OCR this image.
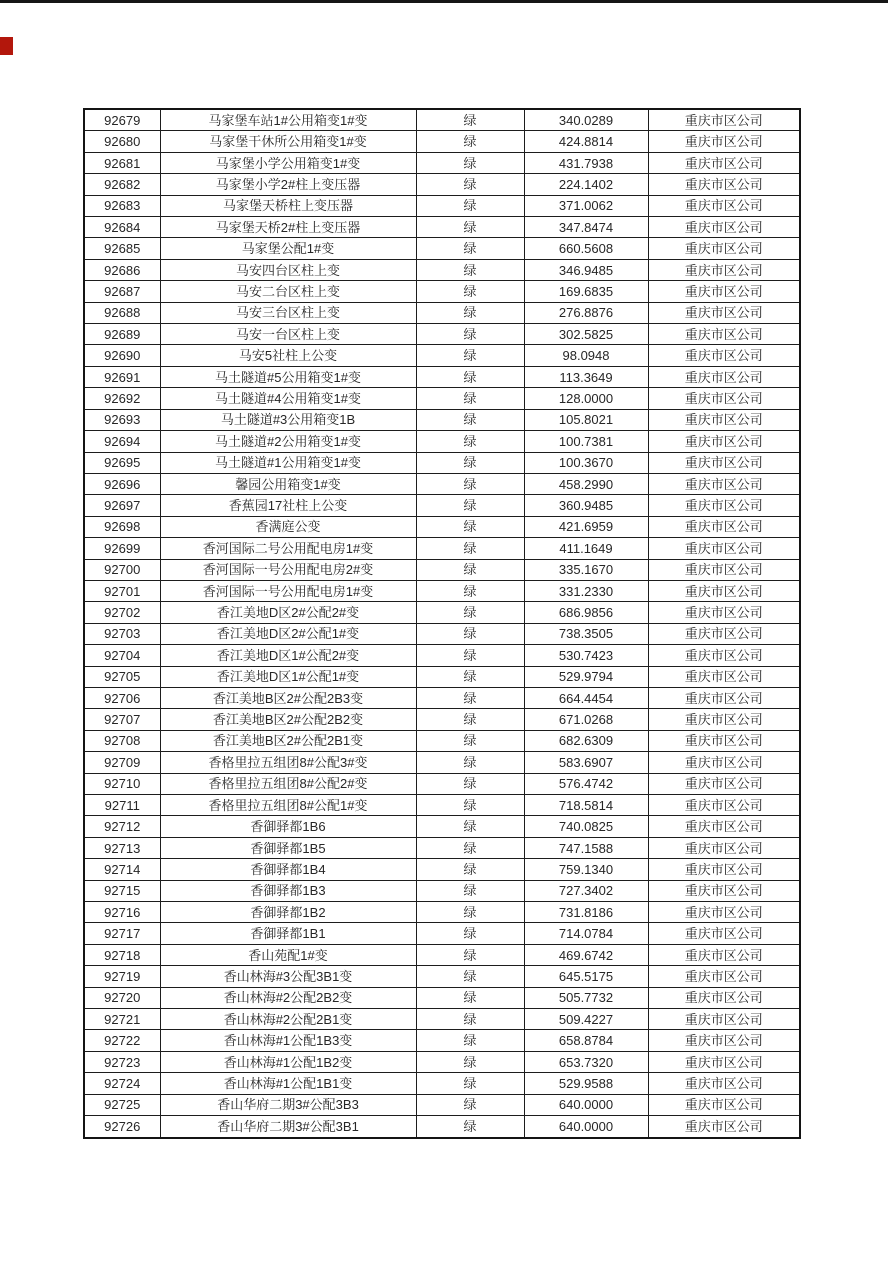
92679	马家堡车站1#公用箱变1#变	绿	340.0289	重庆市区公司
92680	马家堡干休所公用箱变1#变	绿	424.8814	重庆市区公司
92681	马家堡小学公用箱变1#变	绿	431.7938	重庆市区公司
92682	马家堡小学2#柱上变压器	绿	224.1402	重庆市区公司
92683	马家堡天桥柱上变压器	绿	371.0062	重庆市区公司
92684	马家堡天桥2#柱上变压器	绿	347.8474	重庆市区公司
92685	马家堡公配1#变	绿	660.5608	重庆市区公司
92686	马安四台区柱上变	绿	346.9485	重庆市区公司
92687	马安二台区柱上变	绿	169.6835	重庆市区公司
92688	马安三台区柱上变	绿	276.8876	重庆市区公司
92689	马安一台区柱上变	绿	302.5825	重庆市区公司
92690	马安5社柱上公变	绿	98.0948	重庆市区公司
92691	马土隧道#5公用箱变1#变	绿	113.3649	重庆市区公司
92692	马土隧道#4公用箱变1#变	绿	128.0000	重庆市区公司
92693	马土隧道#3公用箱变1B	绿	105.8021	重庆市区公司
92694	马土隧道#2公用箱变1#变	绿	100.7381	重庆市区公司
92695	马土隧道#1公用箱变1#变	绿	100.3670	重庆市区公司
92696	馨园公用箱变1#变	绿	458.2990	重庆市区公司
92697	香蕉园17社柱上公变	绿	360.9485	重庆市区公司
92698	香满庭公变	绿	421.6959	重庆市区公司
92699	香河国际二号公用配电房1#变	绿	411.1649	重庆市区公司
92700	香河国际一号公用配电房2#变	绿	335.1670	重庆市区公司
92701	香河国际一号公用配电房1#变	绿	331.2330	重庆市区公司
92702	香江美地D区2#公配2#变	绿	686.9856	重庆市区公司
92703	香江美地D区2#公配1#变	绿	738.3505	重庆市区公司
92704	香江美地D区1#公配2#变	绿	530.7423	重庆市区公司
92705	香江美地D区1#公配1#变	绿	529.9794	重庆市区公司
92706	香江美地B区2#公配2B3变	绿	664.4454	重庆市区公司
92707	香江美地B区2#公配2B2变	绿	671.0268	重庆市区公司
92708	香江美地B区2#公配2B1变	绿	682.6309	重庆市区公司
92709	香格里拉五组团8#公配3#变	绿	583.6907	重庆市区公司
92710	香格里拉五组团8#公配2#变	绿	576.4742	重庆市区公司
92711	香格里拉五组团8#公配1#变	绿	718.5814	重庆市区公司
92712	香御驿都1B6	绿	740.0825	重庆市区公司
92713	香御驿都1B5	绿	747.1588	重庆市区公司
92714	香御驿都1B4	绿	759.1340	重庆市区公司
92715	香御驿都1B3	绿	727.3402	重庆市区公司
92716	香御驿都1B2	绿	731.8186	重庆市区公司
92717	香御驿都1B1	绿	714.0784	重庆市区公司
92718	香山苑配1#变	绿	469.6742	重庆市区公司
92719	香山林海#3公配3B1变	绿	645.5175	重庆市区公司
92720	香山林海#2公配2B2变	绿	505.7732	重庆市区公司
92721	香山林海#2公配2B1变	绿	509.4227	重庆市区公司
92722	香山林海#1公配1B3变	绿	658.8784	重庆市区公司
92723	香山林海#1公配1B2变	绿	653.7320	重庆市区公司
92724	香山林海#1公配1B1变	绿	529.9588	重庆市区公司
92725	香山华府二期3#公配3B3	绿	640.0000	重庆市区公司
92726	香山华府二期3#公配3B1	绿	640.0000	重庆市区公司
